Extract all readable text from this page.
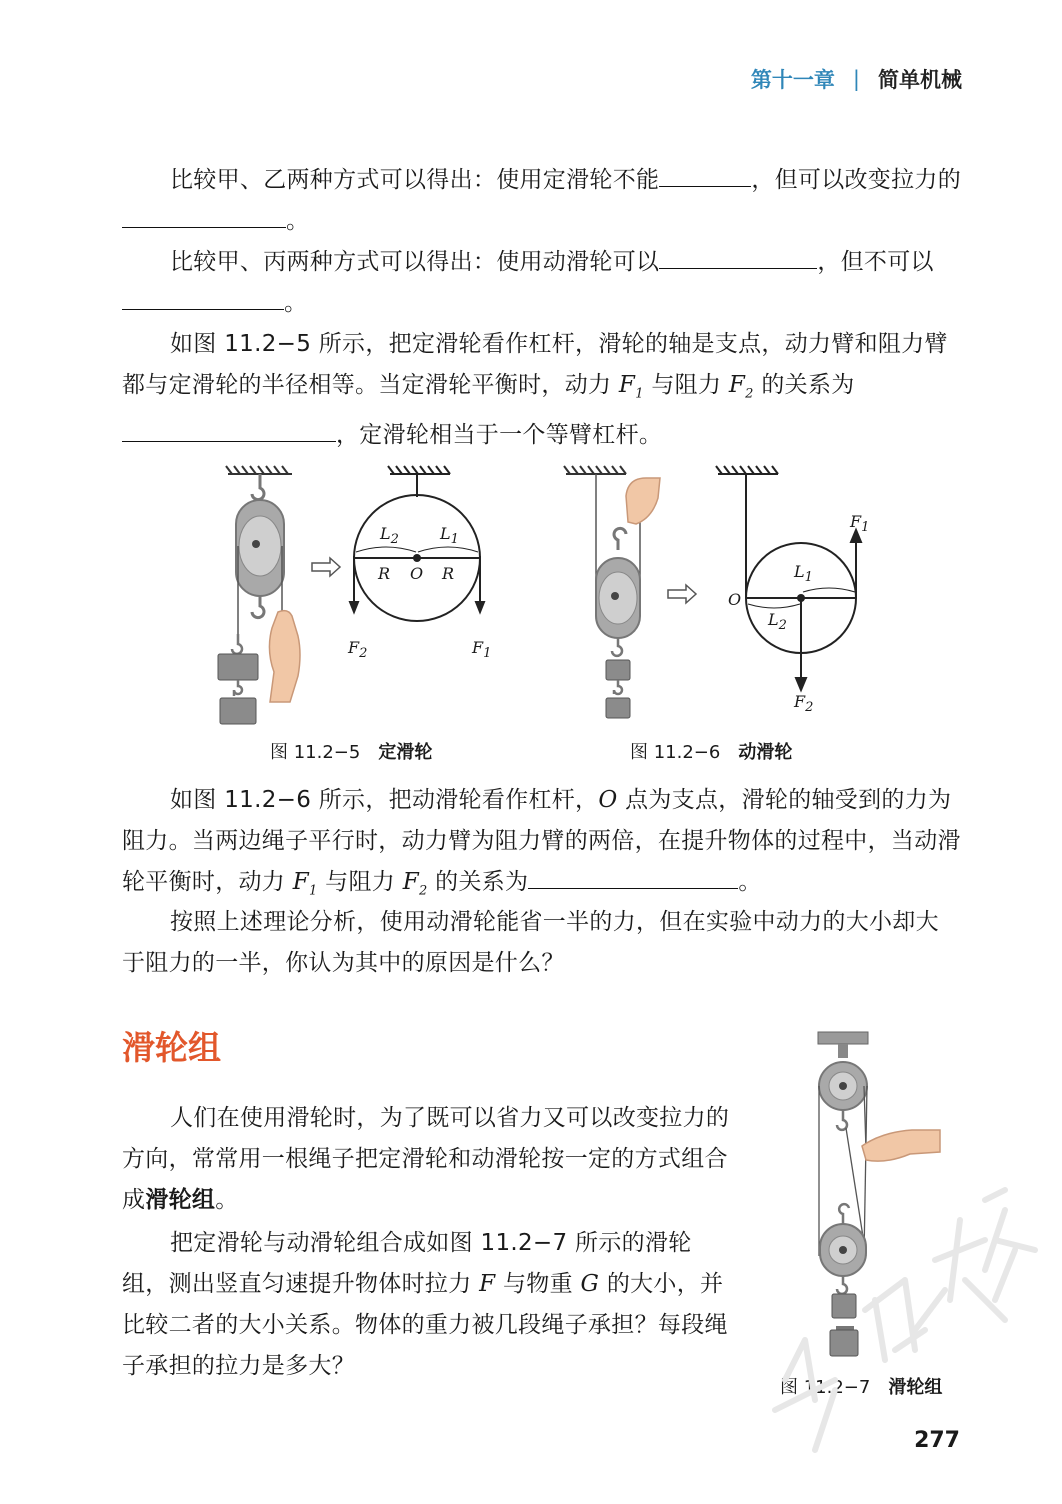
第十一章 | 简单机械
比较甲、乙两种方式可以得出：使用定滑轮不能	，但可以改变拉力的。
比较甲、丙两种方式可以得出：使用动滑轮可以	，但不可以。
如图 11.2−5 所示，把定滑轮看作杠杆，滑轮的轴是支点，动力臂和阻力臂都与定滑轮的半径相等。当定滑轮平衡时，动力 $F_1$ 与阻力 $F_2$ 的关系为
，定滑轮相当于一个等臂杠杆。
$L_2$	$L_1$
R O R
$F_2$	$F_1$
图 11.2−5 定滑轮
O
$L_1$
$L_2$
$F_1$
$F_2$
图 11.2−6 动滑轮
如图 11.2−6 所示，把动滑轮看作杠杆，O 点为支点，滑轮的轴受到的力为阻力。当两边绳子平行时，动力臂为阻力臂的两倍，在提升物体的过程中，当动滑轮平衡时，动力 $F_1$ 与阻力 $F_2$ 的关系为	。
按照上述理论分析，使用动滑轮能省一半的力，但在实验中动力的大小却大于阻力的一半，你认为其中的原因是什么？
滑轮组
人们在使用滑轮时，为了既可以省力又可以改变拉力的方向，常常用一根绳子把定滑轮和动滑轮按一定的方式组合成滑轮组。
把定滑轮与动滑轮组合成如图 11.2−7 所示的滑轮组，测出竖直匀速提升物体时拉力 F 与物重 G 的大小，并比较二者的大小关系。物体的重力被几段绳子承担？每段绳子承担的拉力是多大？
图 11.2−7 滑轮组
277
